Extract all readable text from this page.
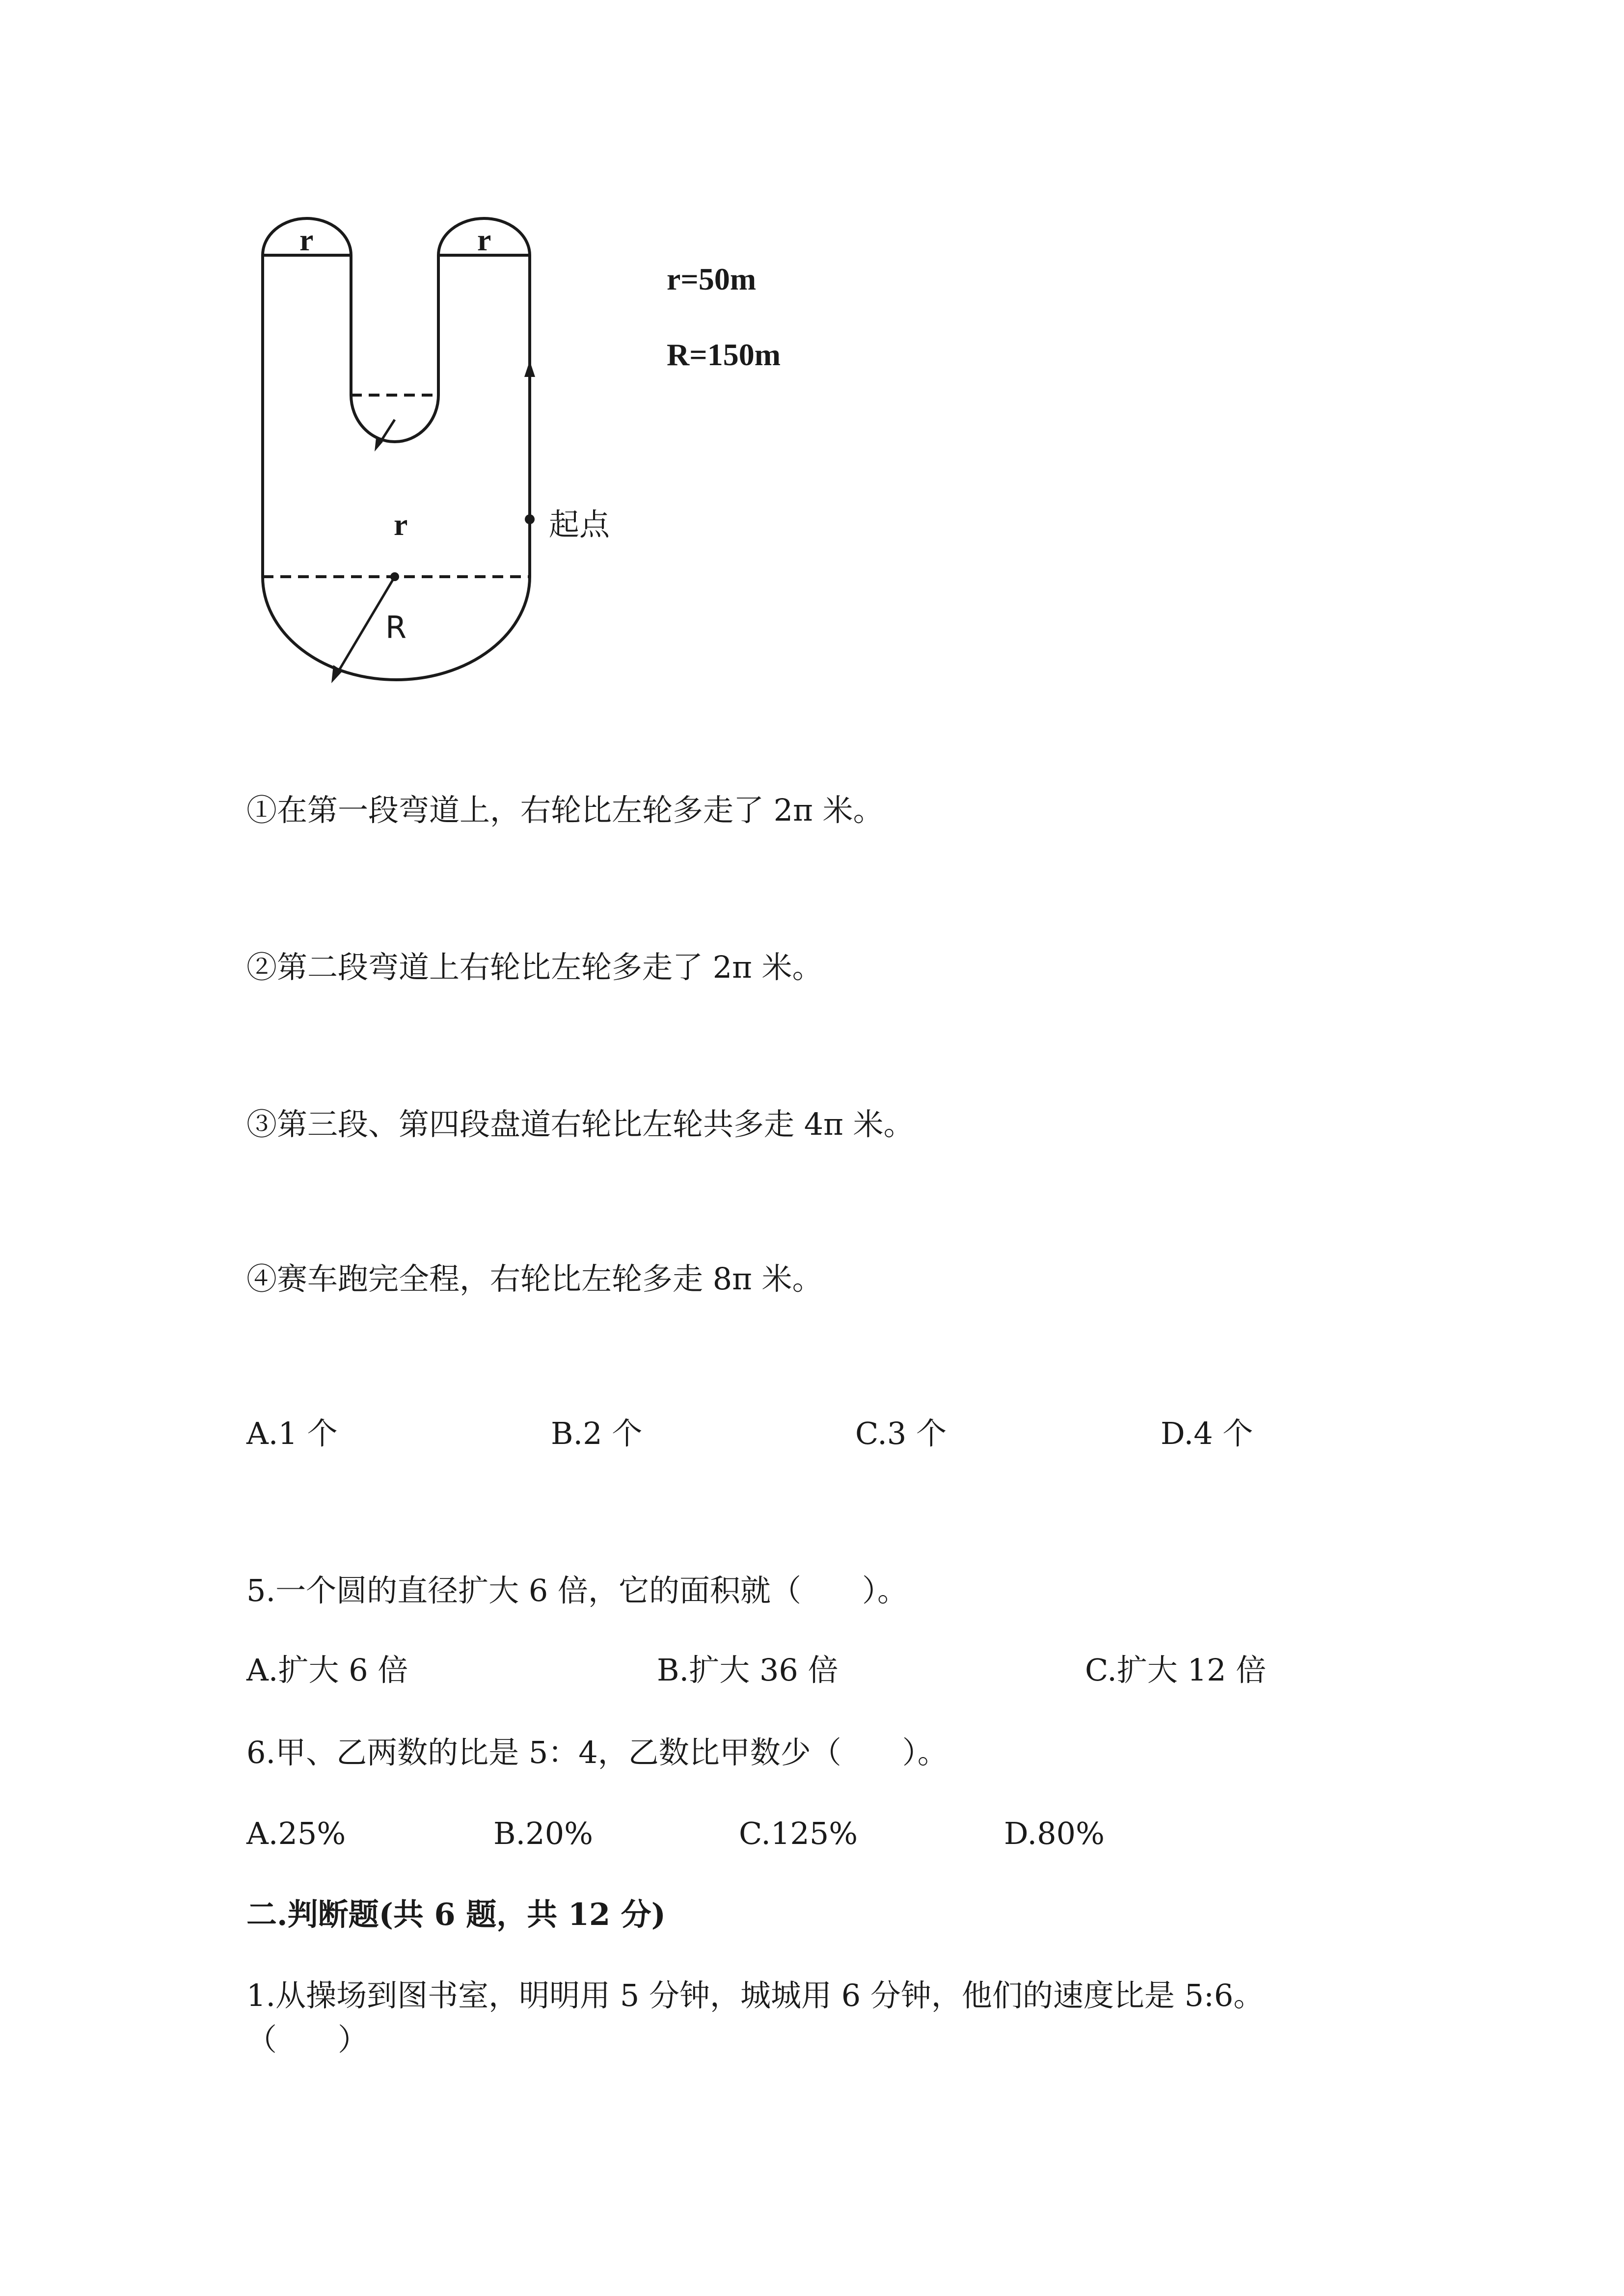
r	r
r
R
起点
r=50m
R=150m
①在第一段弯道上，右轮比左轮多走了 2π 米。
②第二段弯道上右轮比左轮多走了 2π 米。
③第三段、第四段盘道右轮比左轮共多走 4π 米。
④赛车跑完全程，右轮比左轮多走 8π 米。
A.1 个	B.2 个	C.3 个	D.4 个
5.一个圆的直径扩大 6 倍，它的面积就（　　）。
A.扩大 6 倍	B.扩大 36 倍	C.扩大 12 倍
6.甲、乙两数的比是 5：4，乙数比甲数少（　　）。
A.25%	B.20%	C.125%	D.80%
二.判断题(共 6 题，共 12 分)
1.从操场到图书室，明明用 5 分钟，城城用 6 分钟，他们的速度比是 5:6。
（　　）
